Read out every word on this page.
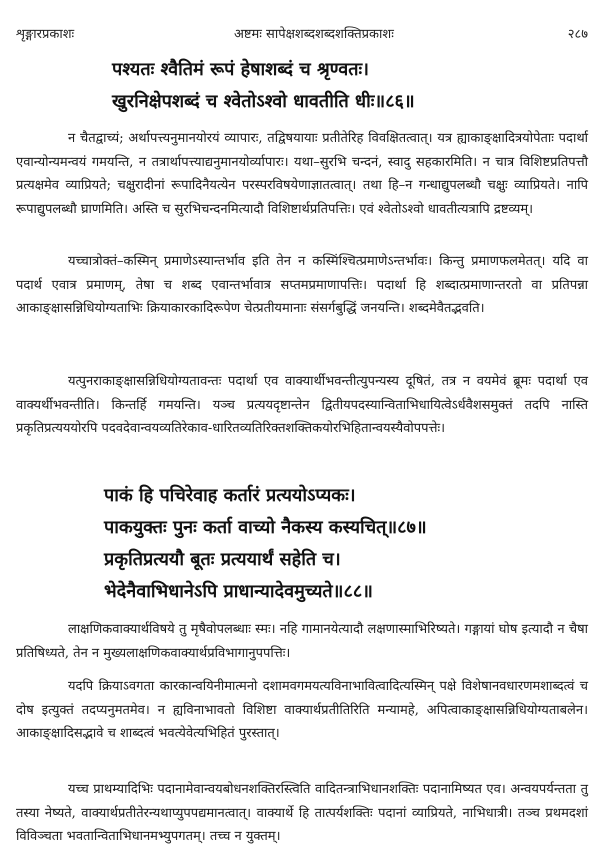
शृङ्गारप्रकाशः	अष्टमः सापेक्षशब्दशब्दशक्तिप्रकाशः	२८७
पश्यतः श्वैतिमं रूपं हेषाशब्दं च श्रृण्वतः।
खुरनिक्षेपशब्दं च श्वेतोऽश्वो धावतीति धीः॥८६॥
न चैतद्वाच्यं; अर्थापत्त्यनुमानयोरयं व्यापारः, तद्विषयायाः प्रतीतेरिह विवक्षितत्वात्। यत्र ह्याकाङ्क्षादित्रयोपेताः पदार्था एवान्योन्यमन्वयं गमयन्ति, न तत्रार्थापत्त्याद्यनुमानयोर्व्यापारः। यथा–सुरभि चन्दनं, स्वादु सहकारमिति। न चात्र विशिष्टप्रतिपत्तौ प्रत्यक्षमेव व्याप्रियते; चक्षुरादीनां रूपादिनैयत्येन परस्परविषयेणाज्ञातत्वात्। तथा हि–न गन्धाद्युपलब्धौ चक्षुः व्याप्रियते। नापि रूपाद्युपलब्धौ घ्राणमिति। अस्ति च सुरभिचन्दनमित्यादौ विशिष्टार्थप्रतिपत्तिः। एवं श्वेतोऽश्वो धावतीत्यत्रापि द्रष्टव्यम्।
यच्चात्रोक्तं–कस्मिन् प्रमाणेऽस्यान्तर्भाव इति तेन न कस्मिंश्चित्प्रमाणेऽन्तर्भावः। किन्तु प्रमाणफलमेतत्। यदि वा पदार्थ एवात्र प्रमाणम्, तेषा च शब्द एवान्तर्भावात्र सप्तमप्रमाणापत्तिः। पदार्था हि शब्दात्प्रमाणान्तरतो वा प्रतिपन्ना आकाङ्क्षासन्निधियोग्यताभिः क्रियाकारकादिरूपेण चेत्प्रतीयमानाः संसर्गबुद्धिं जनयन्ति। शब्दमेवैतद्भवति।
यत्पुनराकाङ्क्षासन्निधियोग्यतावन्तः पदार्था एव वाक्यार्थीभवन्तीत्युपन्यस्य दूषितं, तत्र न वयमेवं ब्रूमः पदार्था एव वाक्यर्थीभवन्तीति। किन्तर्हि गमयन्ति। यञ्च प्रत्ययदृष्टान्तेन द्वितीयपदस्यान्विताभिधायित्वेऽर्धवैशसमुक्तं तदपि नास्ति प्रकृतिप्रत्यययोरपि पदवदेवान्वयव्यतिरेकाव-धारितव्यतिरिक्तशक्तिकयोरभिहितान्वयस्यैवोपपत्तेः।
पाकं हि पचिरेवाह कर्तारं प्रत्ययोऽप्यकः।
पाकयुक्तः पुनः कर्ता वाच्यो नैकस्य कस्यचित्॥८७॥
प्रकृतिप्रत्ययौ बूतः प्रत्ययार्थं सहेति च।
भेदेनैवाभिधानेऽपि प्राधान्यादेवमुच्यते॥८८॥
लाक्षणिकवाक्यार्थविषये तु मृषैवोपलब्धाः स्मः। नहि गामानयेत्यादौ लक्षणास्माभिरिष्यते। गङ्गायां घोष इत्यादौ न चैषा प्रतिषिध्यते, तेन न मुख्यलाक्षणिकवाक्यार्थप्रविभागानुपपत्तिः।
यदपि क्रियाऽवगता कारकान्वयिनीमात्मनो दशामवगमयत्यविनाभावित्वादित्यस्मिन् पक्षे विशेषानवधारणमशाब्दत्वं च दोष इत्युक्तं तदप्यनुमतमेव। न ह्यविनाभावतो विशिष्टा वाक्यार्थप्रतीतिरिति मन्यामहे, अपित्वाकाङ्क्षासन्निधियोग्यताबलेन। आकाङ्क्षादिसद्भावे च शाब्दत्वं भवत्येवेत्यभिहितं पुरस्तात्।
यच्च प्राथम्यादिभिः पदानामेवान्वयबोधनशक्तिरस्त्विति वादितन्त्राभिधानशक्तिः पदानामिष्यत एव। अन्वयपर्यन्तता तु तस्या नेष्यते, वाक्यार्थप्रतीतेरन्यथाप्युपपद्यमानत्वात्। वाक्यार्थे हि तात्पर्यशक्तिः पदानां व्याप्रियते, नाभिधात्री। तञ्च प्रथमदशां विविञ्चता भवतान्विताभिधानमभ्युपगतम्। तच्च न युक्तम्।
